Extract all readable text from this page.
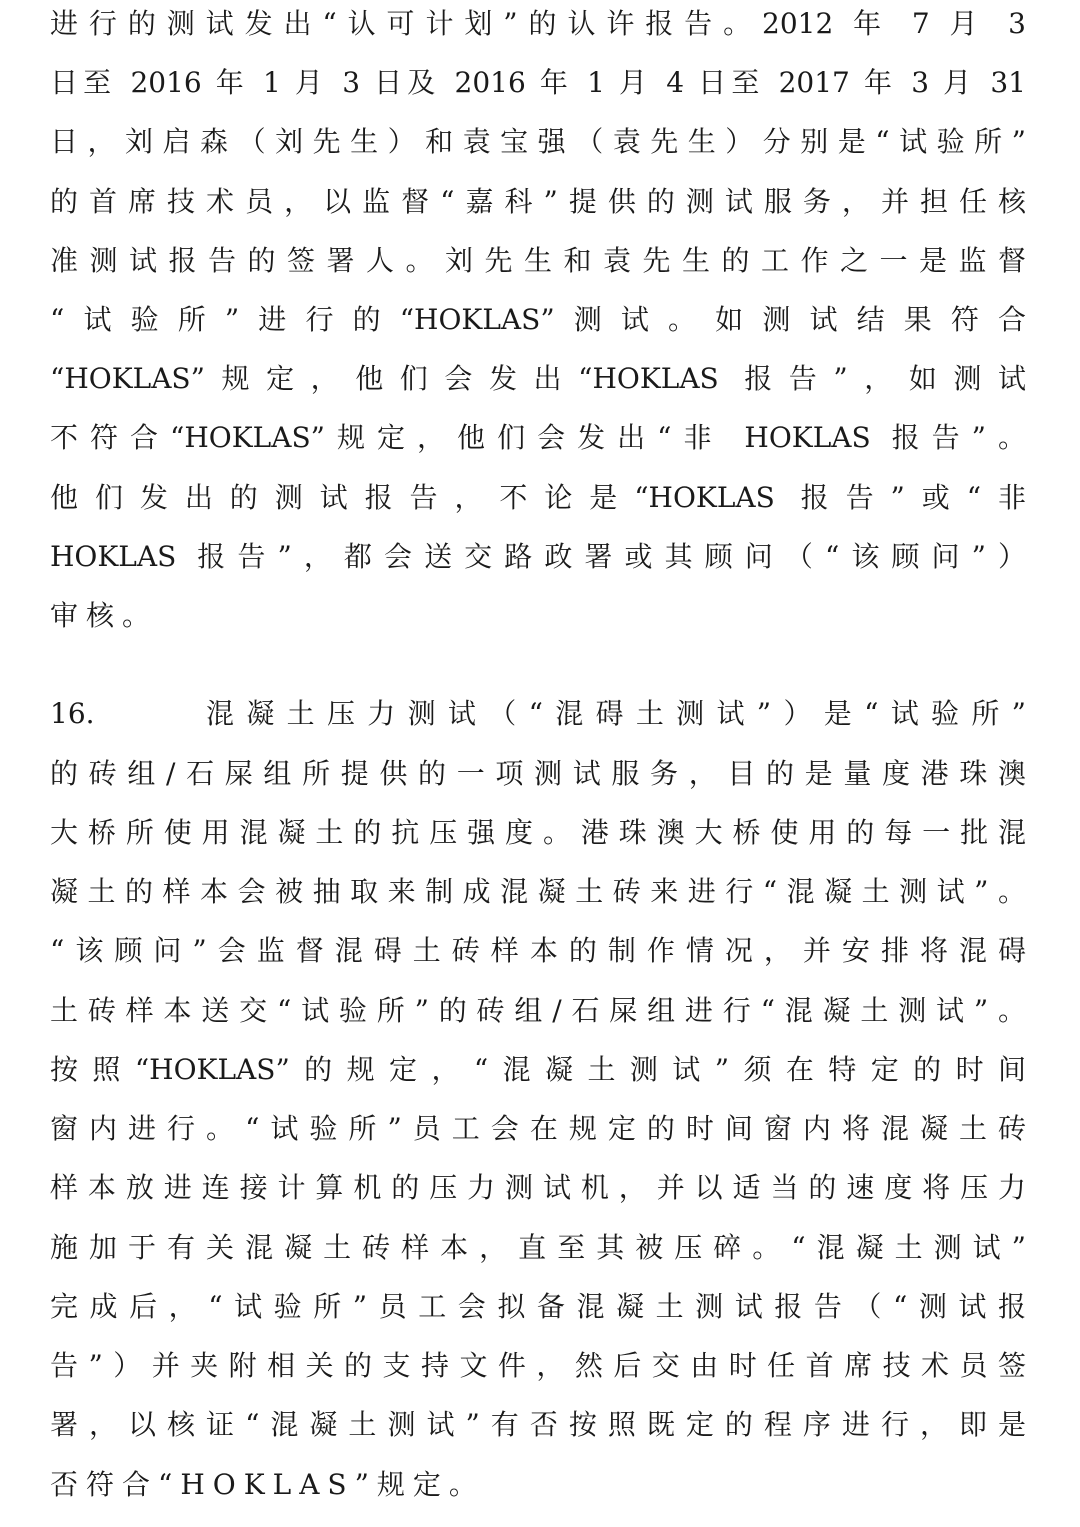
进行的测试发出“认可计划”的认许报告。2012 年 7 月 3
日至 2016 年 1 月 3 日及 2016 年 1 月 4 日至 2017 年 3 月 31
日，刘启森（刘先生）和袁宝强（袁先生）分别是“试验所”
的首席技术员，以监督“嘉科”提供的测试服务，并担任核
准测试报告的签署人。刘先生和袁先生的工作之一是监督
“试验所”进行的“HOKLAS”测试。如测试结果符合
“HOKLAS”规定，他们会发出“HOKLAS 报告”，如测试
不符合“HOKLAS”规定，他们会发出“非 HOKLAS 报告”。
他们发出的测试报告，不论是“HOKLAS 报告”或“非
HOKLAS 报告”，都会送交路政署或其顾问（“该顾问”）
审核。
16.	混凝土压力测试（“混碍土测试”）是“试验所”
的砖组/石屎组所提供的一项测试服务，目的是量度港珠澳
大桥所使用混凝土的抗压强度。港珠澳大桥使用的每一批混
凝土的样本会被抽取来制成混凝土砖来进行“混凝土测试”。
“该顾问”会监督混碍土砖样本的制作情况，并安排将混碍
土砖样本送交“试验所”的砖组/石屎组进行“混凝土测试”。
按照“HOKLAS”的规定，“混凝土测试”须在特定的时间
窗内进行。“试验所”员工会在规定的时间窗内将混凝土砖
样本放进连接计算机的压力测试机，并以适当的速度将压力
施加于有关混凝土砖样本，直至其被压碎。“混凝土测试”
完成后，“试验所”员工会拟备混凝土测试报告（“测试报
告”）并夹附相关的支持文件，然后交由时任首席技术员签
署，以核证“混凝土测试”有否按照既定的程序进行，即是
否符合“HOKLAS”规定。
